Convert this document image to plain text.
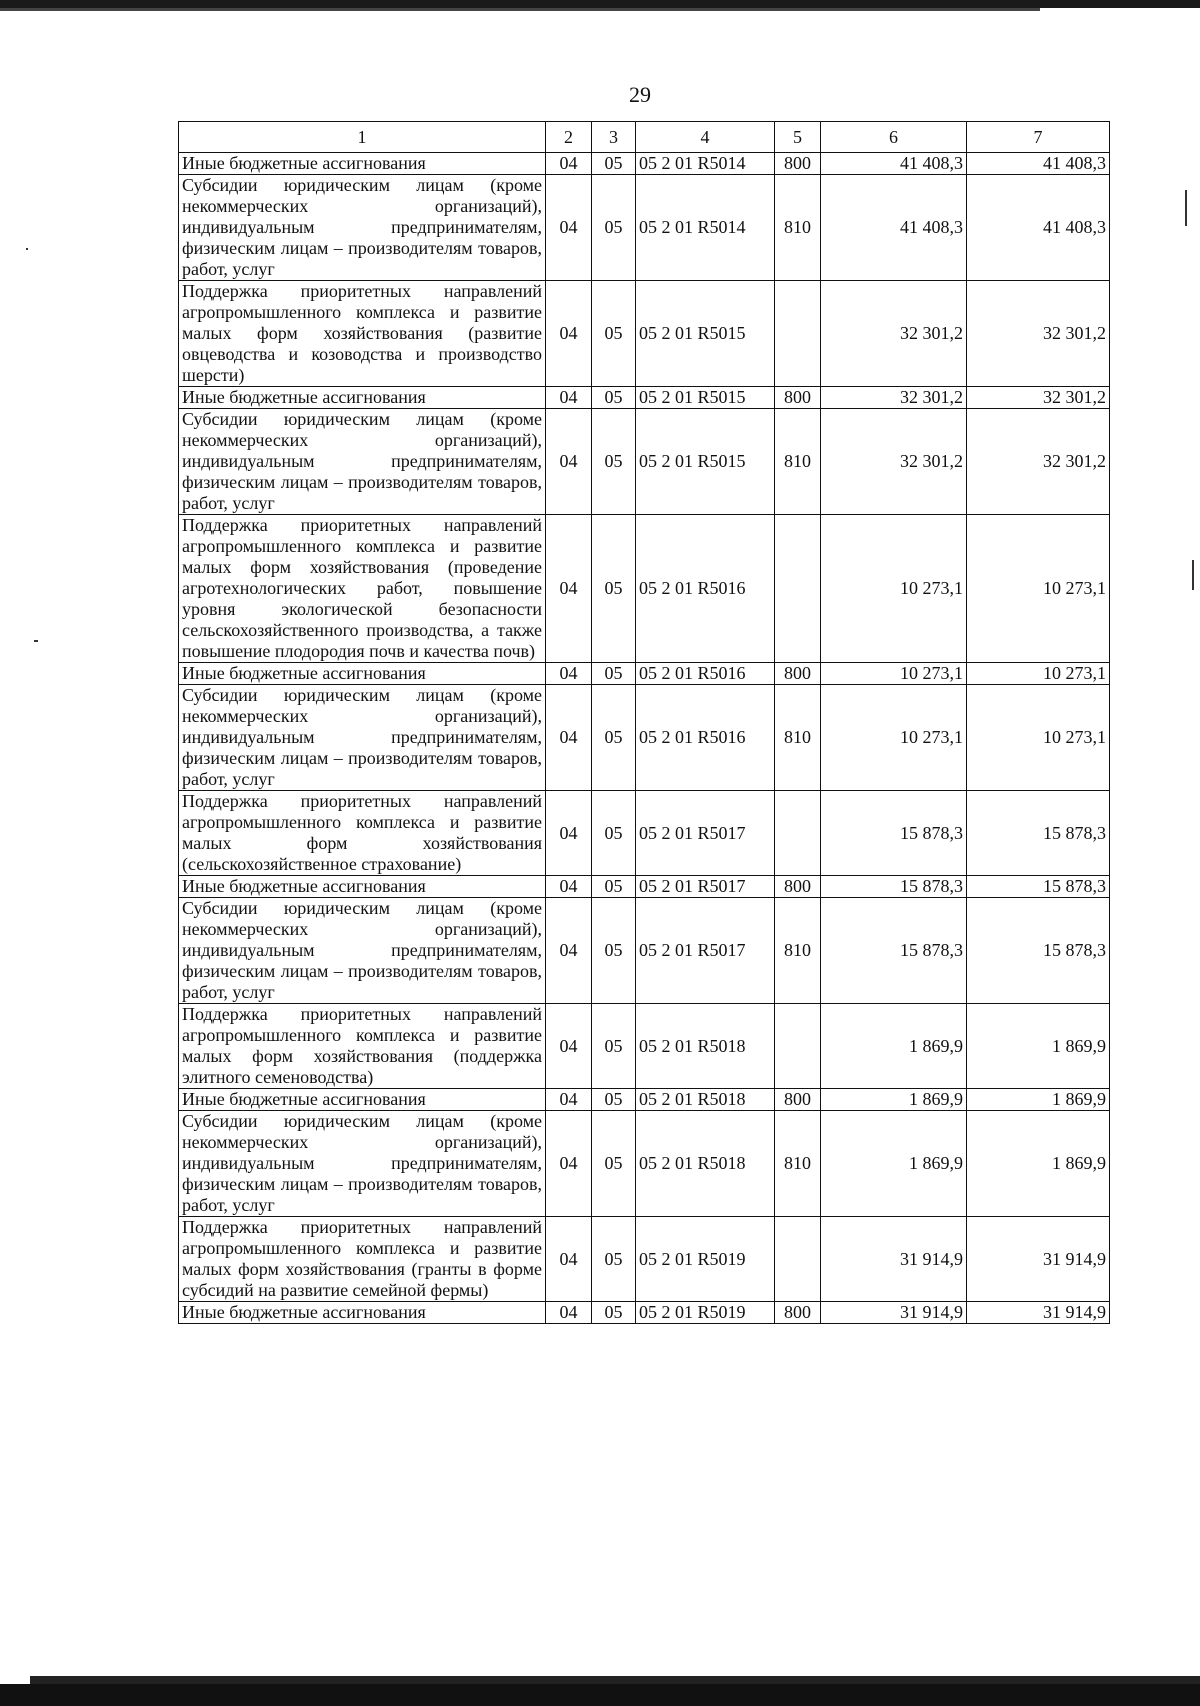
29
1	2	3	4	5	6	7
Иные бюджетные ассигнования	04	05	05 2 01 R5014	800	41 408,3	41 408,3
Субсидии юридическим лицам (кроме некоммерческих организаций), индивидуальным предпринимателям, физическим лицам – производителям товаров, работ, услуг	04	05	05 2 01 R5014	810	41 408,3	41 408,3
Поддержка приоритетных направлений агропромышленного комплекса и развитие малых форм хозяйствования (развитие овцеводства и козоводства и производство шерсти)	04	05	05 2 01 R5015		32 301,2	32 301,2
Иные бюджетные ассигнования	04	05	05 2 01 R5015	800	32 301,2	32 301,2
Субсидии юридическим лицам (кроме некоммерческих организаций), индивидуальным предпринимателям, физическим лицам – производителям товаров, работ, услуг	04	05	05 2 01 R5015	810	32 301,2	32 301,2
Поддержка приоритетных направлений агропромышленного комплекса и развитие малых форм хозяйствования (проведение агротехнологических работ, повышение уровня экологической безопасности сельскохозяйственного производства, а также повышение плодородия почв и качества почв)	04	05	05 2 01 R5016		10 273,1	10 273,1
Иные бюджетные ассигнования	04	05	05 2 01 R5016	800	10 273,1	10 273,1
Субсидии юридическим лицам (кроме некоммерческих организаций), индивидуальным предпринимателям, физическим лицам – производителям товаров, работ, услуг	04	05	05 2 01 R5016	810	10 273,1	10 273,1
Поддержка приоритетных направлений агропромышленного комплекса и развитие малых форм хозяйствования (сельскохозяйственное страхование)	04	05	05 2 01 R5017		15 878,3	15 878,3
Иные бюджетные ассигнования	04	05	05 2 01 R5017	800	15 878,3	15 878,3
Субсидии юридическим лицам (кроме некоммерческих организаций), индивидуальным предпринимателям, физическим лицам – производителям товаров, работ, услуг	04	05	05 2 01 R5017	810	15 878,3	15 878,3
Поддержка приоритетных направлений агропромышленного комплекса и развитие малых форм хозяйствования (поддержка элитного семеноводства)	04	05	05 2 01 R5018		1 869,9	1 869,9
Иные бюджетные ассигнования	04	05	05 2 01 R5018	800	1 869,9	1 869,9
Субсидии юридическим лицам (кроме некоммерческих организаций), индивидуальным предпринимателям, физическим лицам – производителям товаров, работ, услуг	04	05	05 2 01 R5018	810	1 869,9	1 869,9
Поддержка приоритетных направлений агропромышленного комплекса и развитие малых форм хозяйствования (гранты в форме субсидий на развитие семейной фермы)	04	05	05 2 01 R5019		31 914,9	31 914,9
Иные бюджетные ассигнования	04	05	05 2 01 R5019	800	31 914,9	31 914,9
